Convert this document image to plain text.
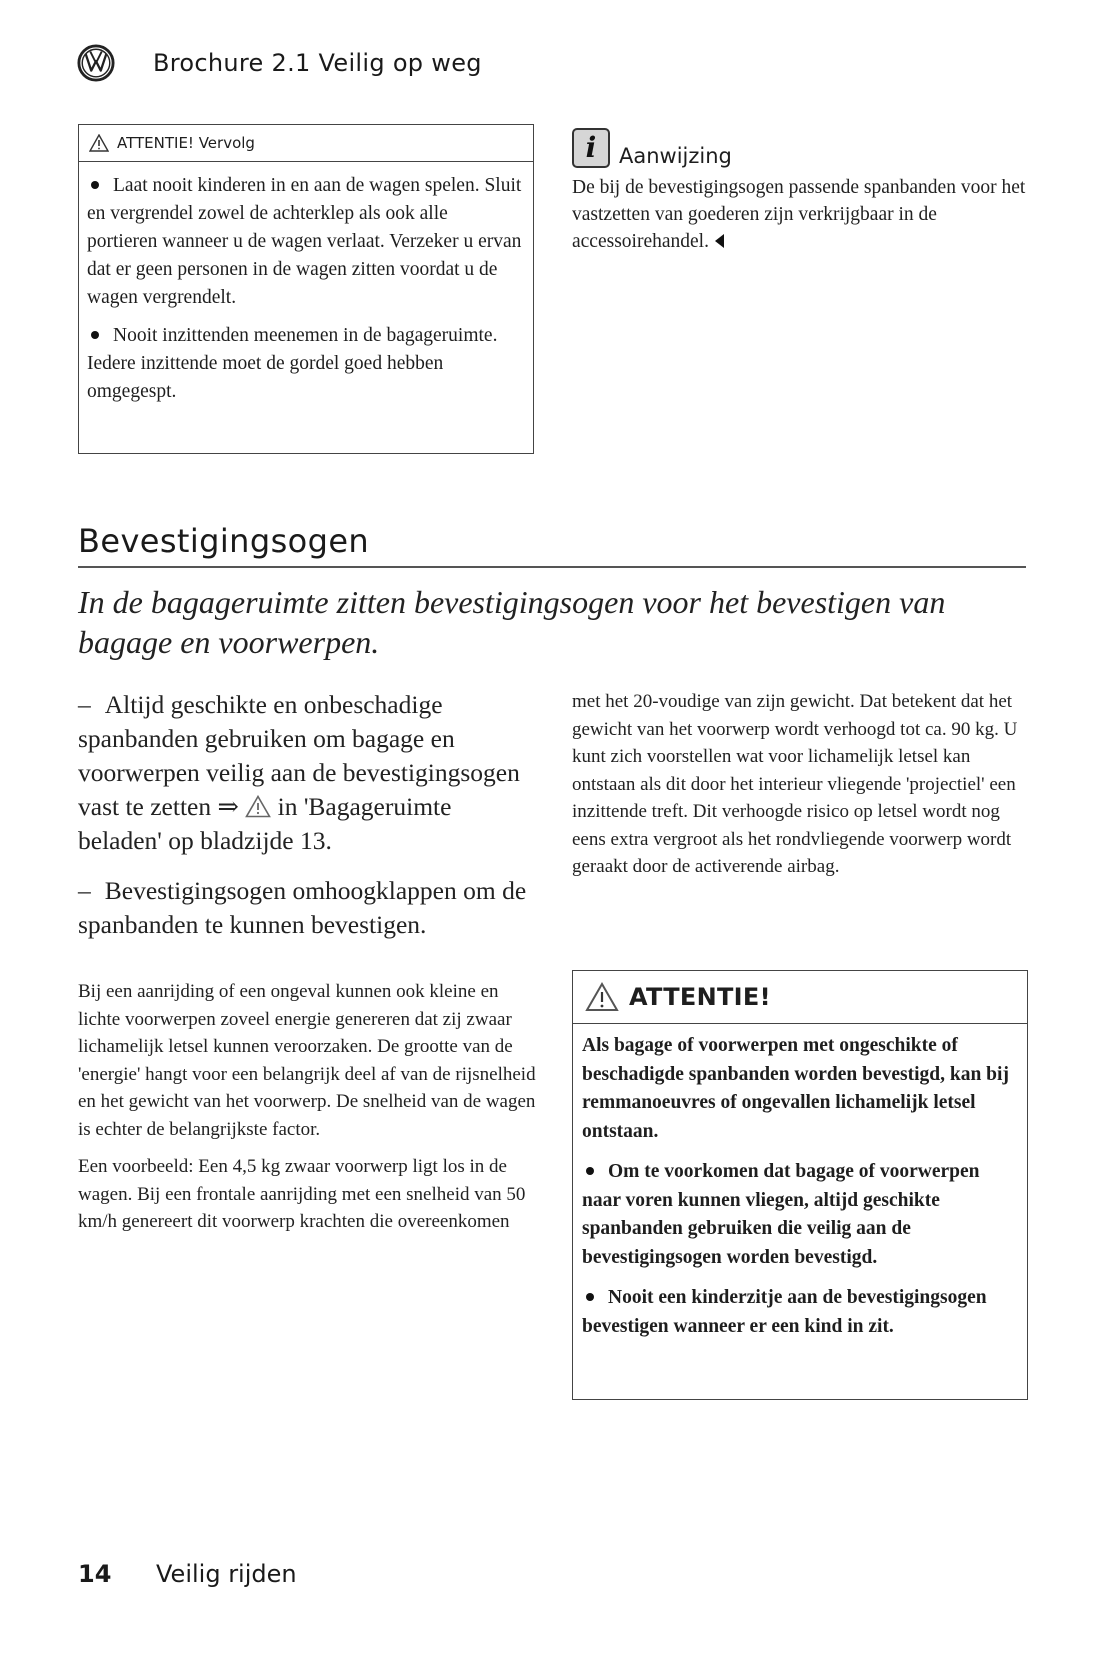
Brochure 2.1 Veilig op weg
ATTENTIE! Vervolg

Laat nooit kinderen in en aan de wagen spelen. Sluit en vergrendel zowel de achterklep als ook alle portieren wanneer u de wagen verlaat. Verzeker u ervan dat er geen personen in de wagen zitten voordat u de wagen vergrendelt.

Nooit inzittenden meenemen in de bagageruimte. Iedere inzittende moet de gordel goed hebben omgegespt.

i Aanwijzing
De bij de bevestigingsogen passende spanbanden voor het vastzetten van goederen zijn verkrijgbaar in de accessoirehandel.
Bevestigingsogen
In de bagageruimte zitten bevestigingsogen voor het bevestigen van bagage en voorwerpen.

– Altijd geschikte en onbeschadige spanbanden gebruiken om bagage en voorwerpen veilig aan de bevestigingsogen vast te zetten ⇒ in 'Bagageruimte beladen' op bladzijde 13.

– Bevestigingsogen omhoogklappen om de spanbanden te kunnen bevestigen.

Bij een aanrijding of een ongeval kunnen ook kleine en lichte voorwerpen zoveel energie genereren dat zij zwaar lichamelijk letsel kunnen veroorzaken. De grootte van de 'energie' hangt voor een belangrijk deel af van de rijsnelheid en het gewicht van het voorwerp. De snelheid van de wagen is echter de belangrijkste factor.

Een voorbeeld: Een 4,5 kg zwaar voorwerp ligt los in de wagen. Bij een frontale aanrijding met een snelheid van 50 km/h genereert dit voorwerp krachten die overeenkomen

met het 20-voudige van zijn gewicht. Dat betekent dat het gewicht van het voorwerp wordt verhoogd tot ca. 90 kg. U kunt zich voorstellen wat voor lichamelijk letsel kan ontstaan als dit door het interieur vliegende 'projectiel' een inzittende treft. Dit verhoogde risico op letsel wordt nog eens extra vergroot als het rondvliegende voorwerp wordt geraakt door de activerende airbag.

ATTENTIE!

Als bagage of voorwerpen met ongeschikte of beschadigde spanbanden worden bevestigd, kan bij remmanoeuvres of ongevallen lichamelijk letsel ontstaan.

Om te voorkomen dat bagage of voorwerpen naar voren kunnen vliegen, altijd geschikte spanbanden gebruiken die veilig aan de bevestigingsogen worden bevestigd.

Nooit een kinderzitje aan de bevestigingsogen bevestigen wanneer er een kind in zit.

14	Veilig rijden
